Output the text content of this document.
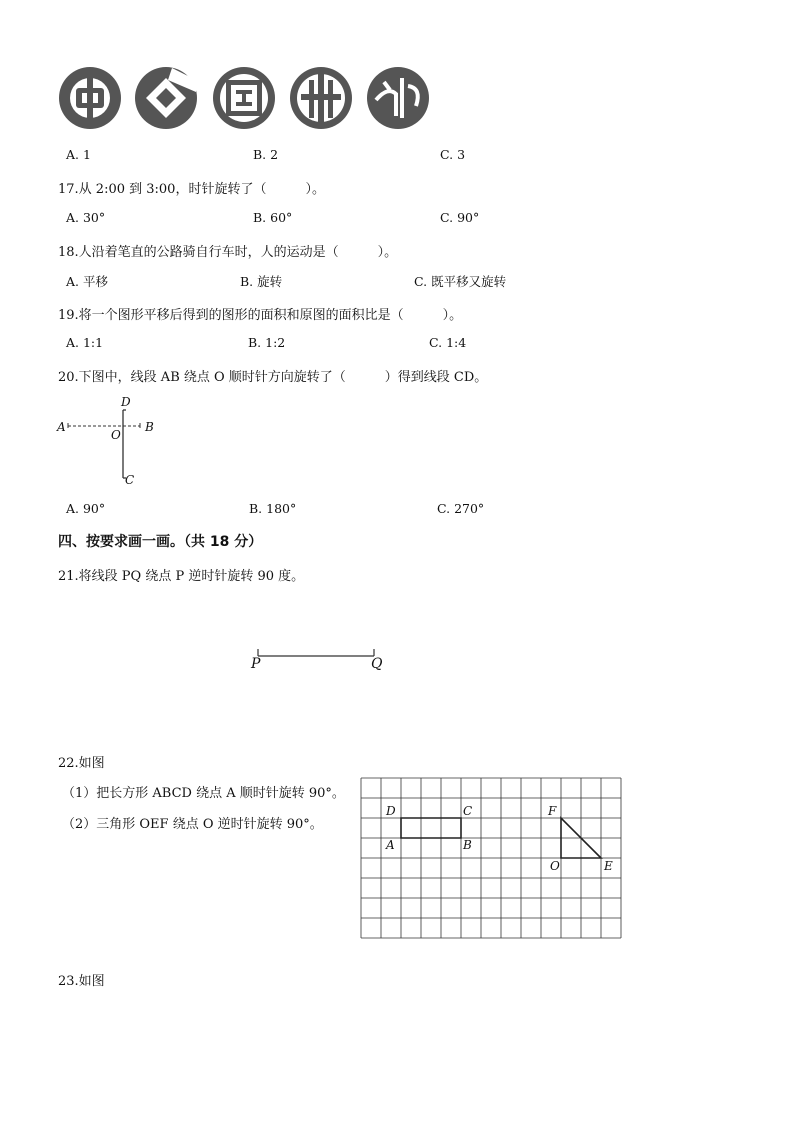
A. 1	B. 2	C. 3
17.从 2:00 到 3:00，时针旋转了（　　　）。
A. 30°	B. 60°	C. 90°
18.人沿着笔直的公路骑自行车时，人的运动是（　　　）。
A. 平移	B. 旋转	C. 既平移又旋转
19.将一个图形平移后得到的图形的面积和原图的面积比是（　　　）。
A. 1:1	B. 1:2	C. 1:4
20.下图中，线段 AB 绕点 O 顺时针方向旋转了（　　　）得到线段 CD。
A	B
O
D
C
A. 90°	B. 180°	C. 270°
四、按要求画一画。（共 18 分）
21.将线段 PQ 绕点 P 逆时针旋转 90 度。
P	Q
22.如图
（1）把长方形 ABCD 绕点 A 顺时针旋转 90°。
（2）三角形 OEF 绕点 O 逆时针旋转 90°。
D	C
A	B
F
O	E
23.如图
